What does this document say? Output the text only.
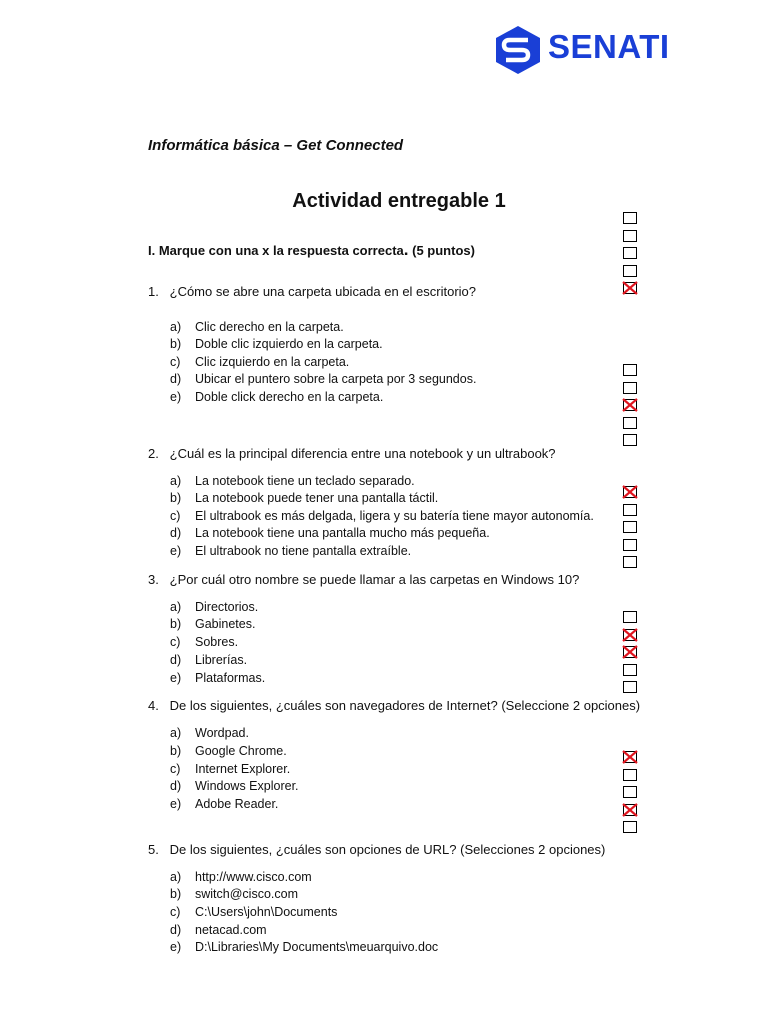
SENATI
Informática básica – Get Connected
Actividad entregable 1
I. Marque con una x la respuesta correcta. (5 puntos)
1. ¿Cómo se abre una carpeta ubicada en el escritorio?
a) Clic derecho en la carpeta.
b) Doble clic izquierdo en la carpeta.
c) Clic izquierdo en la carpeta.
d) Ubicar el puntero sobre la carpeta por 3 segundos.
e) Doble click derecho en la carpeta.
2. ¿Cuál es la principal diferencia entre una notebook y un ultrabook?
a) La notebook tiene un teclado separado.
b) La notebook puede tener una pantalla táctil.
c) El ultrabook es más delgada, ligera y su batería tiene mayor autonomía.
d) La notebook tiene una pantalla mucho más pequeña.
e) El ultrabook no tiene pantalla extraíble.
3. ¿Por cuál otro nombre se puede llamar a las carpetas en Windows 10?
a) Directorios.
b) Gabinetes.
c) Sobres.
d) Librerías.
e) Plataformas.
4. De los siguientes, ¿cuáles son navegadores de Internet? (Seleccione 2 opciones)
a) Wordpad.
b) Google Chrome.
c) Internet Explorer.
d) Windows Explorer.
e) Adobe Reader.
5. De los siguientes, ¿cuáles son opciones de URL? (Selecciones 2 opciones)
a) http://www.cisco.com
b) switch@cisco.com
c) C:\Users\john\Documents
d) netacad.com
e) D:\Libraries\My Documents\meuarquivo.doc
